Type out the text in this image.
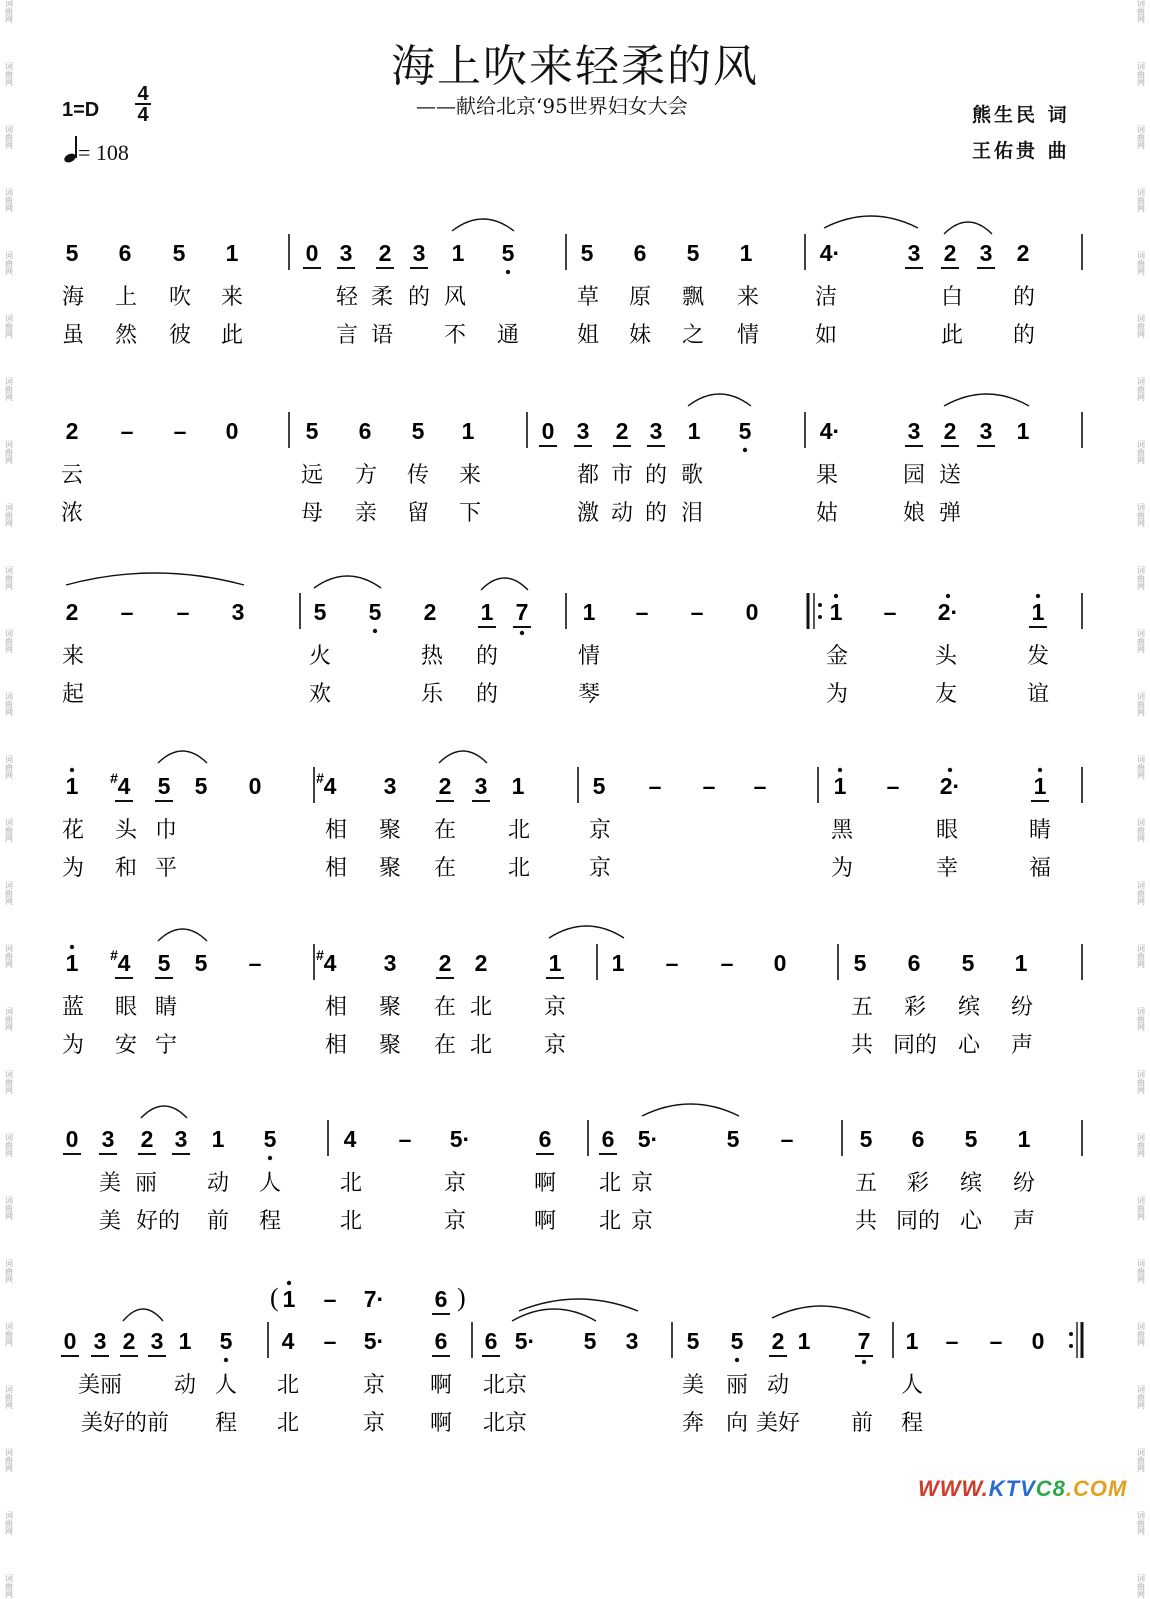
词
曲
网
词
曲
网
词
曲
网
词
曲
网
词
曲
网
词
曲
网
词
曲
网
词
曲
网
词
曲
网
词
曲
网
词
曲
网
词
曲
网
词
曲
网
词
曲
网
词
曲
网
词
曲
网
词
曲
网
词
曲
网
词
曲
网
词
曲
网
词
曲
网
词
曲
网
词
曲
网
词
曲
网
词
曲
网
词
曲
网
词
曲
网
词
曲
网
词
曲
网
词
曲
网
词
曲
网
词
曲
网
词
曲
网
词
曲
网
词
曲
网
词
曲
网
词
曲
网
词
曲
网
词
曲
网
词
曲
网
词
曲
网
词
曲
网
词
曲
网
词
曲
网
词
曲
网
词
曲
网
词
曲
网
词
曲
网
词
曲
网
词
曲
网
词
曲
网
词
曲
网
海上吹来轻柔的风
——献给北京‘95世界妇女大会
1=D
4
4
= 108
熊生民 词
王佑贵 曲
5 6 5 1	0 3 2 3 1 5	5 6 5 1	4·	3 2 3 2
海 上 吹 来	轻 柔 的 风	草 原 飘 来	洁	白 的
虽 然 彼 此	言 语 不 通	姐 妹 之 情	如	此 的
2 – – 0	5 6 5 1	0 3 2 3 1 5	4·	3 2 3 1
云	远 方 传 来	都 市 的 歌	果	园 送
浓	母 亲 留 下	激 动 的 泪	姑	娘 弹
2 – – 3	5 5 2 1 7 1 – – 0	1 – 2·	1
来	火	热 的	情	金	头	发
起	欢	乐 的	琴	为	友	谊
1 4
# 5 5 0	4
#	3 2 3 1	5 – – –	1 – 2·	1
花 头 巾	相 聚 在 北	京	黑	眼	睛
为 和 平	相 聚 在 北	京	为	幸	福
1 4
# 5 5 –	4
#	3 2 2	1 1 – – 0	5 6 5 1
蓝 眼 睛	相 聚 在 北 京	五 彩 缤 纷
为 安 宁	相 聚 在 北 京	共 同的 心 声
0 3 2 3 1 5	4 – 5·	6 6 5·	5 –	5 6 5 1
美 丽 动 人	北	京	啊 北 京	五 彩 缤 纷
美 好的 前 程	北	京	啊 北 京	共 同的 心 声
0 3 2 3 1 5 4 – 5· 6 6 5· 5 3 5 5 2 1 7 1 – – 0
1 – 7· 6
(	)
美丽 动 人 北	京 啊 北京	美 丽 动	人
美好的前 程 北	京 啊 北京	奔 向 美好 前 程
WWW.KTVC8.COM
